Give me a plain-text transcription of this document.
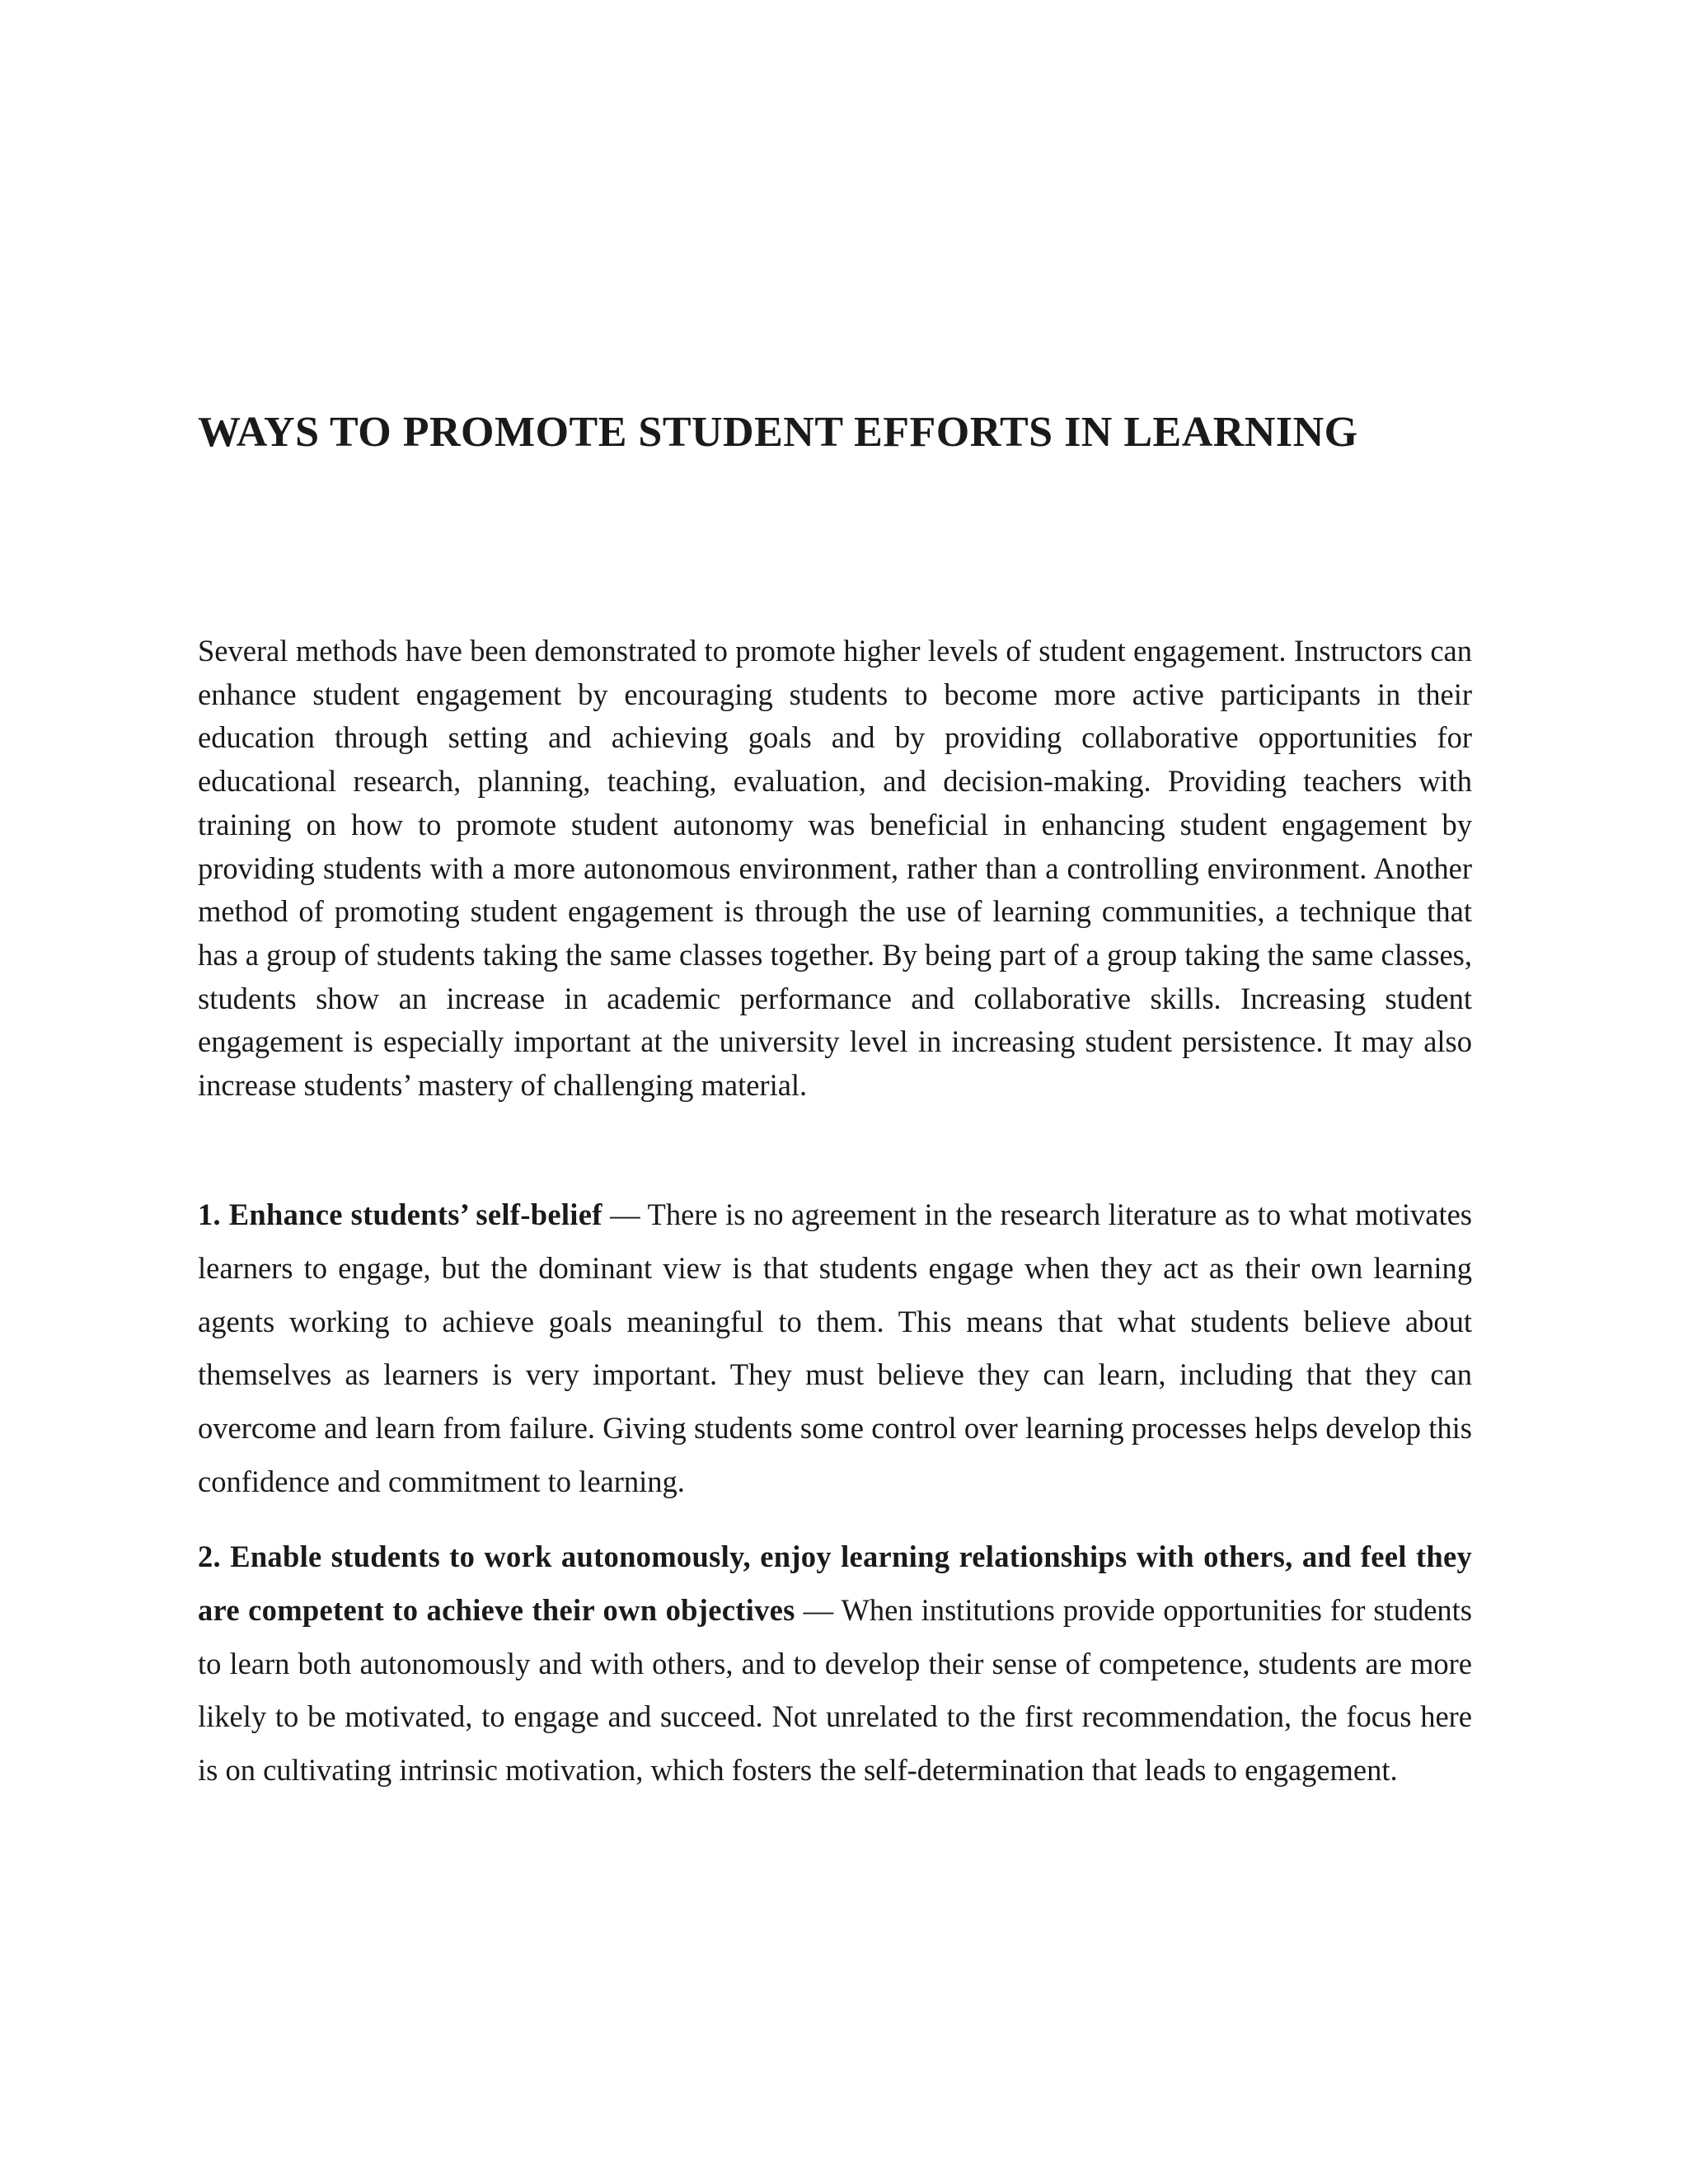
WAYS TO PROMOTE STUDENT EFFORTS IN LEARNING

Several methods have been demonstrated to promote higher levels of student engagement. Instructors can enhance student engagement by encouraging students to become more active participants in their education through setting and achieving goals and by providing collaborative opportunities for educational research, planning, teaching, evaluation, and decision-making. Providing teachers with training on how to promote student autonomy was beneficial in enhancing student engagement by providing students with a more autonomous environment, rather than a controlling environment. Another method of promoting student engagement is through the use of learning communities, a technique that has a group of students taking the same classes together. By being part of a group taking the same classes, students show an increase in academic performance and collaborative skills. Increasing student engagement is especially important at the university level in increasing student persistence. It may also increase students’ mastery of challenging material.

1. Enhance students’ self-belief — There is no agreement in the research literature as to what motivates learners to engage, but the dominant view is that students engage when they act as their own learning agents working to achieve goals meaningful to them. This means that what students believe about themselves as learners is very important. They must believe they can learn, including that they can overcome and learn from failure. Giving students some control over learning processes helps develop this confidence and commitment to learning.

2. Enable students to work autonomously, enjoy learning relationships with others, and feel they are competent to achieve their own objectives — When institutions provide opportunities for students to learn both autonomously and with others, and to develop their sense of competence, students are more likely to be motivated, to engage and succeed. Not unrelated to the first recommendation, the focus here is on cultivating intrinsic motivation, which fosters the self-determination that leads to engagement.
